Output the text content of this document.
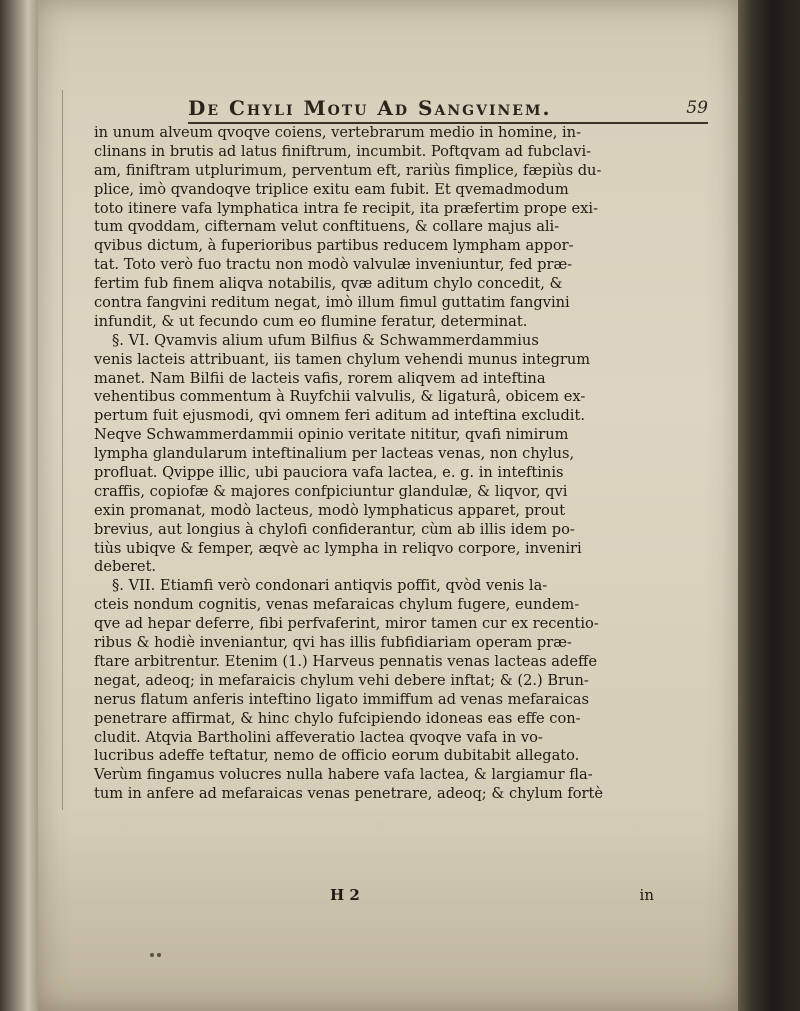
De Chyli Motu Ad Sangvinem.	59
in unum alveum qvoqve coiens, vertebrarum medio in homine, in-
clinans in brutis ad latus finiftrum, incumbit. Poftqvam ad fubclavi-
am, finiftram utplurimum, perventum eft, rariùs fimplice, fæpiùs du-
plice, imò qvandoqve triplice exitu eam fubit. Et qvemadmodum
toto itinere vafa lymphatica intra fe recipit, ita præfertim prope exi-
tum qvoddam, cifternam velut conftituens, & collare majus ali-
qvibus dictum, à fuperioribus partibus reducem lympham appor-
tat. Toto verò fuo tractu non modò valvulæ inveniuntur, fed præ-
fertim fub finem aliqva notabilis, qvæ aditum chylo concedit, &
contra fangvini reditum negat, imò illum fimul guttatim fangvini
infundit, & ut fecundo cum eo flumine feratur, determinat.
§. VI. Qvamvis alium ufum Bilfius & Schwammerdammius
venis lacteis attribuant, iis tamen chylum vehendi munus integrum
manet. Nam Bilfii de lacteis vafis, rorem aliqvem ad inteftina
vehentibus commentum à Ruyfchii valvulis, & ligaturâ, obicem ex-
pertum fuit ejusmodi, qvi omnem feri aditum ad inteftina excludit.
Neqve Schwammerdammii opinio veritate nititur, qvafi nimirum
lympha glandularum inteftinalium per lacteas venas, non chylus,
profluat. Qvippe illic, ubi pauciora vafa lactea, e. g. in inteftinis
craffis, copiofæ & majores confpiciuntur glandulæ, & liqvor, qvi
exin promanat, modò lacteus, modò lymphaticus apparet, prout
brevius, aut longius à chylofi confiderantur, cùm ab illis idem po-
tiùs ubiqve & femper, æqvè ac lympha in reliqvo corpore, inveniri
deberet.
§. VII. Etiamfi verò condonari antiqvis poffit, qvòd venis la-
cteis nondum cognitis, venas mefaraicas chylum fugere, eundem-
qve ad hepar deferre, fibi perfvaferint, miror tamen cur ex recentio-
ribus & hodiè inveniantur, qvi has illis fubfidiariam operam præ-
ftare arbitrentur. Etenim (1.) Harveus pennatis venas lacteas adeffe
negat, adeoq; in mefaraicis chylum vehi debere inftat; & (2.) Brun-
nerus flatum anferis inteftino ligato immiffum ad venas mefaraicas
penetrare affirmat, & hinc chylo fufcipiendo idoneas eas effe con-
cludit. Atqvia Bartholini affeveratio lactea qvoqve vafa in vo-
lucribus adeffe teftatur, nemo de officio eorum dubitabit allegato.
Verùm fingamus volucres nulla habere vafa lactea, & largiamur fla-
tum in anfere ad mefaraicas venas penetrare, adeoq; & chylum fortè
H 2	in
